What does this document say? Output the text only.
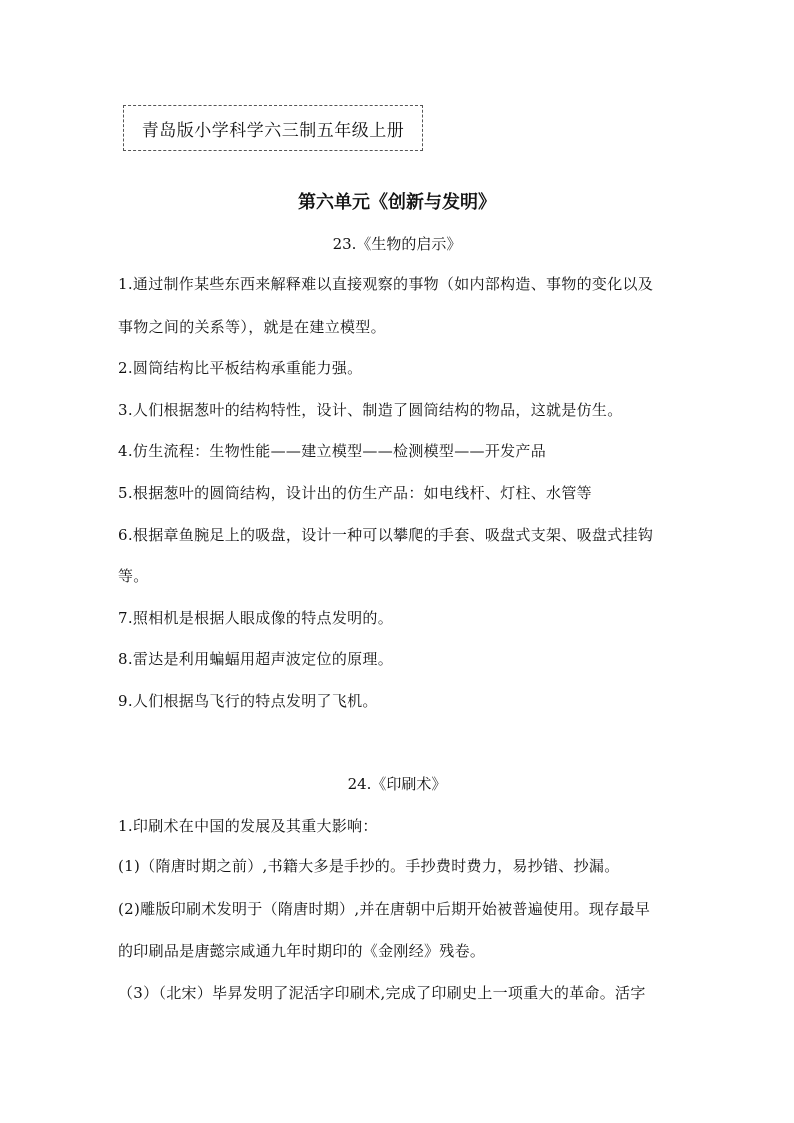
青岛版小学科学六三制五年级上册
第六单元《创新与发明》
23.《生物的启示》
1.通过制作某些东西来解释难以直接观察的事物（如内部构造、事物的变化以及
事物之间的关系等），就是在建立模型。
2.圆筒结构比平板结构承重能力强。
3.人们根据葱叶的结构特性，设计、制造了圆筒结构的物品，这就是仿生。
4.仿生流程：生物性能——建立模型——检测模型——开发产品
5.根据葱叶的圆筒结构，设计出的仿生产品：如电线杆、灯柱、水管等
6.根据章鱼腕足上的吸盘，设计一种可以攀爬的手套、吸盘式支架、吸盘式挂钩
等。
7.照相机是根据人眼成像的特点发明的。
8.雷达是利用蝙蝠用超声波定位的原理。
9.人们根据鸟飞行的特点发明了飞机。
24.《印刷术》
1.印刷术在中国的发展及其重大影响：
(1)（隋唐时期之前）,书籍大多是手抄的。手抄费时费力，易抄错、抄漏。
(2)雕版印刷术发明于（隋唐时期）,并在唐朝中后期开始被普遍使用。现存最早
的印刷品是唐懿宗咸通九年时期印的《金刚经》残卷。
（3）（北宋）毕昇发明了泥活字印刷术,完成了印刷史上一项重大的革命。活字
